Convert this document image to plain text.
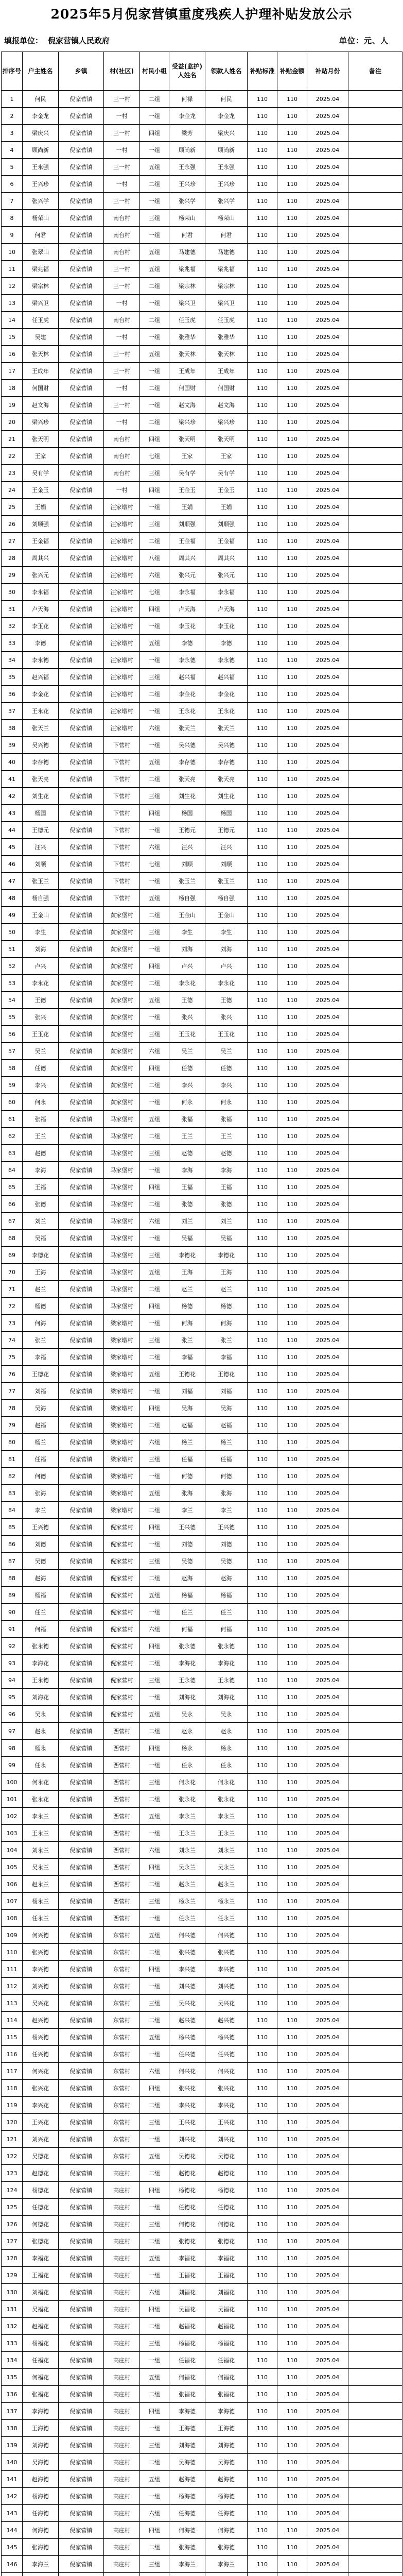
2025年5月倪家营镇重度残疾人护理补贴发放公示
填报单位： 倪家营镇人民政府	单位：元、人
排序号	户主姓名	乡镇	村(社区)	村民小组	受益(监护)人姓名	领款人姓名	补贴标准	补贴金额	补贴月份	备注
1	何民	倪家营镇	三一村	二组	何禄	何民	110	110	2025.04	
2	李金龙	倪家营镇	一村	一组	李金龙	李金龙	110	110	2025.04	
3	梁庆兴	倪家营镇	三一村	四组	梁芳	梁庆兴	110	110	2025.04	
4	顾尚新	倪家营镇	一村	一组	顾尚新	顾尚新	110	110	2025.04	
5	王永强	倪家营镇	三一村	五组	王永强	王永强	110	110	2025.04	
6	王兴珍	倪家营镇	一村	二组	王兴珍	王兴珍	110	110	2025.04	
7	张兴学	倪家营镇	三一村	一组	张兴学	张兴学	110	110	2025.04	
8	杨荣山	倪家营镇	南台村	三组	杨荣山	杨荣山	110	110	2025.04	
9	何君	倪家营镇	南台村	一组	何君	何君	110	110	2025.04	
10	张翠山	倪家营镇	南台村	五组	马建德	马建德	110	110	2025.04	
11	梁兆福	倪家营镇	三一村	五组	梁兆福	梁兆福	110	110	2025.04	
12	梁宗林	倪家营镇	三一村	二组	梁宗林	梁宗林	110	110	2025.04	
13	梁兴卫	倪家营镇	一村	一组	梁兴卫	梁兴卫	110	110	2025.04	
14	任玉虎	倪家营镇	南台村	二组	任玉虎	任玉虎	110	110	2025.04	
15	吴建	倪家营镇	一村	一组	张雅华	张雅华	110	110	2025.04	
16	张天林	倪家营镇	三一村	五组	张天林	张天林	110	110	2025.04	
17	王成年	倪家营镇	三一村	一组	王成年	王成年	110	110	2025.04	
18	何国财	倪家营镇	一村	二组	何国财	何国财	110	110	2025.04	
19	赵文海	倪家营镇	三一村	一组	赵文海	赵文海	110	110	2025.04	
20	梁兴珍	倪家营镇	一村	二组	梁兴珍	梁兴珍	110	110	2025.04	
21	张天明	倪家营镇	南台村	四组	张天明	张天明	110	110	2025.04	
22	王家	倪家营镇	南台村	七组	王家	王家	110	110	2025.04	
23	吴有学	倪家营镇	南台村	三组	吴有学	吴有学	110	110	2025.04	
24	王金玉	倪家营镇	一村	四组	王金玉	王金玉	110	110	2025.04	
25	王娟	倪家营镇	汪家墩村	一组	王娟	王娟	110	110	2025.04	
26	刘顺强	倪家营镇	汪家墩村	三组	刘顺强	刘顺强	110	110	2025.04	
27	王金福	倪家营镇	汪家墩村	二组	王金福	王金福	110	110	2025.04	
28	周其兴	倪家营镇	汪家墩村	八组	周其兴	周其兴	110	110	2025.04	
29	张兴元	倪家营镇	汪家墩村	六组	张兴元	张兴元	110	110	2025.04	
30	李永福	倪家营镇	汪家墩村	七组	李永福	李永福	110	110	2025.04	
31	卢天海	倪家营镇	汪家墩村	四组	卢天海	卢天海	110	110	2025.04	
32	李玉花	倪家营镇	汪家墩村	一组	李玉花	李玉花	110	110	2025.04	
33	李德	倪家营镇	汪家墩村	五组	李德	李德	110	110	2025.04	
34	李永德	倪家营镇	汪家墩村	一组	李永德	李永德	110	110	2025.04	
35	赵兴福	倪家营镇	汪家墩村	三组	赵兴福	赵兴福	110	110	2025.04	
36	李金花	倪家营镇	汪家墩村	二组	李金花	李金花	110	110	2025.04	
37	王永花	倪家营镇	汪家墩村	一组	王永花	王永花	110	110	2025.04	
38	张天兰	倪家营镇	汪家墩村	六组	张天兰	张天兰	110	110	2025.04	
39	吴兴德	倪家营镇	下营村	一组	吴兴德	吴兴德	110	110	2025.04	
40	李存德	倪家营镇	下营村	五组	李存德	李存德	110	110	2025.04	
41	张天亮	倪家营镇	下营村	二组	张天亮	张天亮	110	110	2025.04	
42	刘生花	倪家营镇	下营村	三组	刘生花	刘生花	110	110	2025.04	
43	杨国	倪家营镇	下营村	四组	杨国	杨国	110	110	2025.04	
44	王德元	倪家营镇	下营村	一组	王德元	王德元	110	110	2025.04	
45	汪兴	倪家营镇	下营村	六组	汪兴	汪兴	110	110	2025.04	
46	刘顺	倪家营镇	下营村	七组	刘顺	刘顺	110	110	2025.04	
47	张玉兰	倪家营镇	下营村	一组	张玉兰	张玉兰	110	110	2025.04	
48	杨自强	倪家营镇	下营村	五组	杨自强	杨自强	110	110	2025.04	
49	王金山	倪家营镇	黄家堡村	二组	王金山	王金山	110	110	2025.04	
50	李生	倪家营镇	黄家堡村	三组	李生	李生	110	110	2025.04	
51	刘海	倪家营镇	黄家堡村	一组	刘海	刘海	110	110	2025.04	
52	卢兴	倪家营镇	黄家堡村	四组	卢兴	卢兴	110	110	2025.04	
53	李永花	倪家营镇	黄家堡村	二组	李永花	李永花	110	110	2025.04	
54	王德	倪家营镇	黄家堡村	五组	王德	王德	110	110	2025.04	
55	张兴	倪家营镇	黄家堡村	一组	张兴	张兴	110	110	2025.04	
56	王玉花	倪家营镇	黄家堡村	三组	王玉花	王玉花	110	110	2025.04	
57	吴兰	倪家营镇	黄家堡村	六组	吴兰	吴兰	110	110	2025.04	
58	任德	倪家营镇	黄家堡村	四组	任德	任德	110	110	2025.04	
59	李兴	倪家营镇	黄家堡村	二组	李兴	李兴	110	110	2025.04	
60	何永	倪家营镇	黄家堡村	一组	何永	何永	110	110	2025.04	
61	张福	倪家营镇	马家堡村	五组	张福	张福	110	110	2025.04	
62	王兰	倪家营镇	马家堡村	二组	王兰	王兰	110	110	2025.04	
63	赵德	倪家营镇	马家堡村	三组	赵德	赵德	110	110	2025.04	
64	李海	倪家营镇	马家堡村	一组	李海	李海	110	110	2025.04	
65	王福	倪家营镇	马家堡村	四组	王福	王福	110	110	2025.04	
66	张德	倪家营镇	马家堡村	二组	张德	张德	110	110	2025.04	
67	刘兰	倪家营镇	马家堡村	六组	刘兰	刘兰	110	110	2025.04	
68	吴福	倪家营镇	马家堡村	一组	吴福	吴福	110	110	2025.04	
69	李德花	倪家营镇	马家堡村	三组	李德花	李德花	110	110	2025.04	
70	王海	倪家营镇	马家堡村	五组	王海	王海	110	110	2025.04	
71	赵兰	倪家营镇	马家堡村	二组	赵兰	赵兰	110	110	2025.04	
72	杨德	倪家营镇	马家堡村	四组	杨德	杨德	110	110	2025.04	
73	何海	倪家营镇	梁家墩村	一组	何海	何海	110	110	2025.04	
74	张兰	倪家营镇	梁家墩村	三组	张兰	张兰	110	110	2025.04	
75	李福	倪家营镇	梁家墩村	二组	李福	李福	110	110	2025.04	
76	王德花	倪家营镇	梁家墩村	五组	王德花	王德花	110	110	2025.04	
77	刘福	倪家营镇	梁家墩村	一组	刘福	刘福	110	110	2025.04	
78	吴海	倪家营镇	梁家墩村	四组	吴海	吴海	110	110	2025.04	
79	赵福	倪家营镇	梁家墩村	二组	赵福	赵福	110	110	2025.04	
80	杨兰	倪家营镇	梁家墩村	六组	杨兰	杨兰	110	110	2025.04	
81	任福	倪家营镇	梁家墩村	三组	任福	任福	110	110	2025.04	
82	何德	倪家营镇	梁家墩村	一组	何德	何德	110	110	2025.04	
83	张海	倪家营镇	梁家墩村	五组	张海	张海	110	110	2025.04	
84	李兰	倪家营镇	梁家墩村	二组	李兰	李兰	110	110	2025.04	
85	王兴德	倪家营镇	倪家营村	四组	王兴德	王兴德	110	110	2025.04	
86	刘德	倪家营镇	倪家营村	一组	刘德	刘德	110	110	2025.04	
87	吴德	倪家营镇	倪家营村	三组	吴德	吴德	110	110	2025.04	
88	赵海	倪家营镇	倪家营村	二组	赵海	赵海	110	110	2025.04	
89	杨福	倪家营镇	倪家营村	五组	杨福	杨福	110	110	2025.04	
90	任兰	倪家营镇	倪家营村	一组	任兰	任兰	110	110	2025.04	
91	何福	倪家营镇	倪家营村	六组	何福	何福	110	110	2025.04	
92	张永德	倪家营镇	倪家营村	四组	张永德	张永德	110	110	2025.04	
93	李海花	倪家营镇	倪家营村	二组	李海花	李海花	110	110	2025.04	
94	王永德	倪家营镇	倪家营村	三组	王永德	王永德	110	110	2025.04	
95	刘海花	倪家营镇	倪家营村	一组	刘海花	刘海花	110	110	2025.04	
96	吴永	倪家营镇	倪家营村	五组	吴永	吴永	110	110	2025.04	
97	赵永	倪家营镇	西营村	二组	赵永	赵永	110	110	2025.04	
98	杨永	倪家营镇	西营村	四组	杨永	杨永	110	110	2025.04	
99	任永	倪家营镇	西营村	一组	任永	任永	110	110	2025.04	
100	何永花	倪家营镇	西营村	三组	何永花	何永花	110	110	2025.04	
101	张永花	倪家营镇	西营村	二组	张永花	张永花	110	110	2025.04	
102	李永兰	倪家营镇	西营村	五组	李永兰	李永兰	110	110	2025.04	
103	王永兰	倪家营镇	西营村	一组	王永兰	王永兰	110	110	2025.04	
104	刘永兰	倪家营镇	西营村	六组	刘永兰	刘永兰	110	110	2025.04	
105	吴永兰	倪家营镇	西营村	四组	吴永兰	吴永兰	110	110	2025.04	
106	赵永兰	倪家营镇	西营村	二组	赵永兰	赵永兰	110	110	2025.04	
107	杨永兰	倪家营镇	西营村	三组	杨永兰	杨永兰	110	110	2025.04	
108	任永兰	倪家营镇	西营村	一组	任永兰	任永兰	110	110	2025.04	
109	何兴德	倪家营镇	东营村	五组	何兴德	何兴德	110	110	2025.04	
110	张兴德	倪家营镇	东营村	二组	张兴德	张兴德	110	110	2025.04	
111	李兴德	倪家营镇	东营村	四组	李兴德	李兴德	110	110	2025.04	
112	刘兴德	倪家营镇	东营村	一组	刘兴德	刘兴德	110	110	2025.04	
113	吴兴花	倪家营镇	东营村	三组	吴兴花	吴兴花	110	110	2025.04	
114	赵兴德	倪家营镇	东营村	二组	赵兴德	赵兴德	110	110	2025.04	
115	杨兴德	倪家营镇	东营村	五组	杨兴德	杨兴德	110	110	2025.04	
116	任兴德	倪家营镇	东营村	一组	任兴德	任兴德	110	110	2025.04	
117	何兴花	倪家营镇	东营村	六组	何兴花	何兴花	110	110	2025.04	
118	张兴花	倪家营镇	东营村	四组	张兴花	张兴花	110	110	2025.04	
119	李兴花	倪家营镇	东营村	二组	李兴花	李兴花	110	110	2025.04	
120	王兴花	倪家营镇	东营村	三组	王兴花	王兴花	110	110	2025.04	
121	刘兴花	倪家营镇	东营村	一组	刘兴花	刘兴花	110	110	2025.04	
122	吴德花	倪家营镇	东营村	五组	吴德花	吴德花	110	110	2025.04	
123	赵德花	倪家营镇	高庄村	二组	赵德花	赵德花	110	110	2025.04	
124	杨德花	倪家营镇	高庄村	四组	杨德花	杨德花	110	110	2025.04	
125	任德花	倪家营镇	高庄村	一组	任德花	任德花	110	110	2025.04	
126	何德花	倪家营镇	高庄村	三组	何德花	何德花	110	110	2025.04	
127	张德花	倪家营镇	高庄村	二组	张德花	张德花	110	110	2025.04	
128	李福花	倪家营镇	高庄村	五组	李福花	李福花	110	110	2025.04	
129	王福花	倪家营镇	高庄村	一组	王福花	王福花	110	110	2025.04	
130	刘福花	倪家营镇	高庄村	六组	刘福花	刘福花	110	110	2025.04	
131	吴福花	倪家营镇	高庄村	四组	吴福花	吴福花	110	110	2025.04	
132	赵福花	倪家营镇	高庄村	二组	赵福花	赵福花	110	110	2025.04	
133	杨福花	倪家营镇	高庄村	三组	杨福花	杨福花	110	110	2025.04	
134	任福花	倪家营镇	高庄村	一组	任福花	任福花	110	110	2025.04	
135	何福花	倪家营镇	高庄村	五组	何福花	何福花	110	110	2025.04	
136	张福花	倪家营镇	高庄村	二组	张福花	张福花	110	110	2025.04	
137	李海德	倪家营镇	高庄村	四组	李海德	李海德	110	110	2025.04	
138	王海德	倪家营镇	高庄村	一组	王海德	王海德	110	110	2025.04	
139	刘海德	倪家营镇	高庄村	三组	刘海德	刘海德	110	110	2025.04	
140	吴海德	倪家营镇	高庄村	二组	吴海德	吴海德	110	110	2025.04	
141	赵海德	倪家营镇	高庄村	五组	赵海德	赵海德	110	110	2025.04	
142	杨海德	倪家营镇	高庄村	一组	杨海德	杨海德	110	110	2025.04	
143	任海德	倪家营镇	高庄村	六组	任海德	任海德	110	110	2025.04	
144	何海德	倪家营镇	高庄村	四组	何海德	何海德	110	110	2025.04	
145	张海德	倪家营镇	高庄村	二组	张海德	张海德	110	110	2025.04	
146	李海兰	倪家营镇	高庄村	三组	李海兰	李海兰	110	110	2025.04	
